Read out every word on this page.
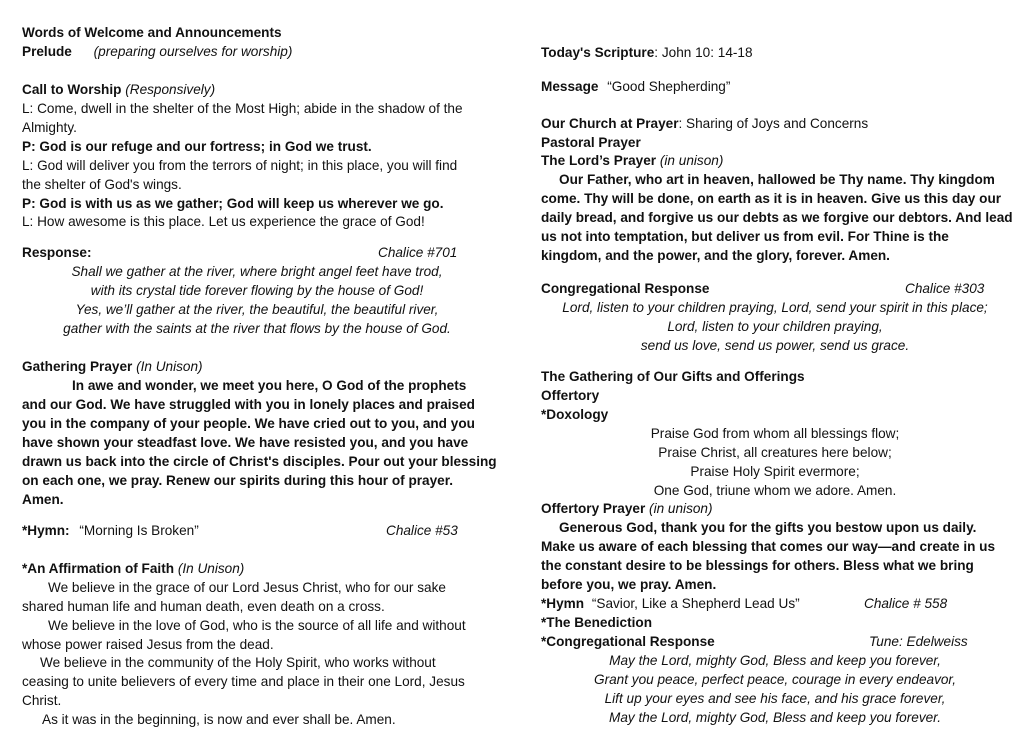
Words of Welcome and Announcements
Prelude (preparing ourselves for worship)
Call to Worship (Responsively)
L: Come, dwell in the shelter of the Most High; abide in the shadow of the
Almighty.
P: God is our refuge and our fortress; in God we trust.
L: God will deliver you from the terrors of night; in this place, you will find
the shelter of God's wings.
P: God is with us as we gather; God will keep us wherever we go.
L: How awesome is this place. Let us experience the grace of God!
Response:	Chalice #701
Shall we gather at the river, where bright angel feet have trod,
with its crystal tide forever flowing by the house of God!
Yes, we’ll gather at the river, the beautiful, the beautiful river,
gather with the saints at the river that flows by the house of God.
Gathering Prayer (In Unison)
In awe and wonder, we meet you here, O God of the prophets
and our God. We have struggled with you in lonely places and praised
you in the company of your people. We have cried out to you, and you
have shown your steadfast love. We have resisted you, and you have
drawn us back into the circle of Christ's disciples. Pour out your blessing
on each one, we pray. Renew our spirits during this hour of prayer.
Amen.
*Hymn: “Morning Is Broken”	Chalice #53
*An Affirmation of Faith (In Unison)
We believe in the grace of our Lord Jesus Christ, who for our sake
shared human life and human death, even death on a cross.
We believe in the love of God, who is the source of all life and without
whose power raised Jesus from the dead.
We believe in the community of the Holy Spirit, who works without
ceasing to unite believers of every time and place in their one Lord, Jesus
Christ.
As it was in the beginning, is now and ever shall be. Amen.
Today's Scripture: John 10: 14-18
Message “Good Shepherding”
Our Church at Prayer: Sharing of Joys and Concerns
Pastoral Prayer
The Lord’s Prayer (in unison)
Our Father, who art in heaven, hallowed be Thy name. Thy kingdom
come. Thy will be done, on earth as it is in heaven. Give us this day our
daily bread, and forgive us our debts as we forgive our debtors. And lead
us not into temptation, but deliver us from evil. For Thine is the
kingdom, and the power, and the glory, forever. Amen.
Congregational Response	Chalice #303
Lord, listen to your children praying, Lord, send your spirit in this place;
Lord, listen to your children praying,
send us love, send us power, send us grace.
The Gathering of Our Gifts and Offerings
Offertory
*Doxology
Praise God from whom all blessings flow;
Praise Christ, all creatures here below;
Praise Holy Spirit evermore;
One God, triune whom we adore. Amen.
Offertory Prayer (in unison)
Generous God, thank you for the gifts you bestow upon us daily.
Make us aware of each blessing that comes our way—and create in us
the constant desire to be blessings for others. Bless what we bring
before you, we pray. Amen.
*Hymn “Savior, Like a Shepherd Lead Us”	Chalice # 558
*The Benediction
*Congregational Response	Tune: Edelweiss
May the Lord, mighty God, Bless and keep you forever,
Grant you peace, perfect peace, courage in every endeavor,
Lift up your eyes and see his face, and his grace forever,
May the Lord, mighty God, Bless and keep you forever.
